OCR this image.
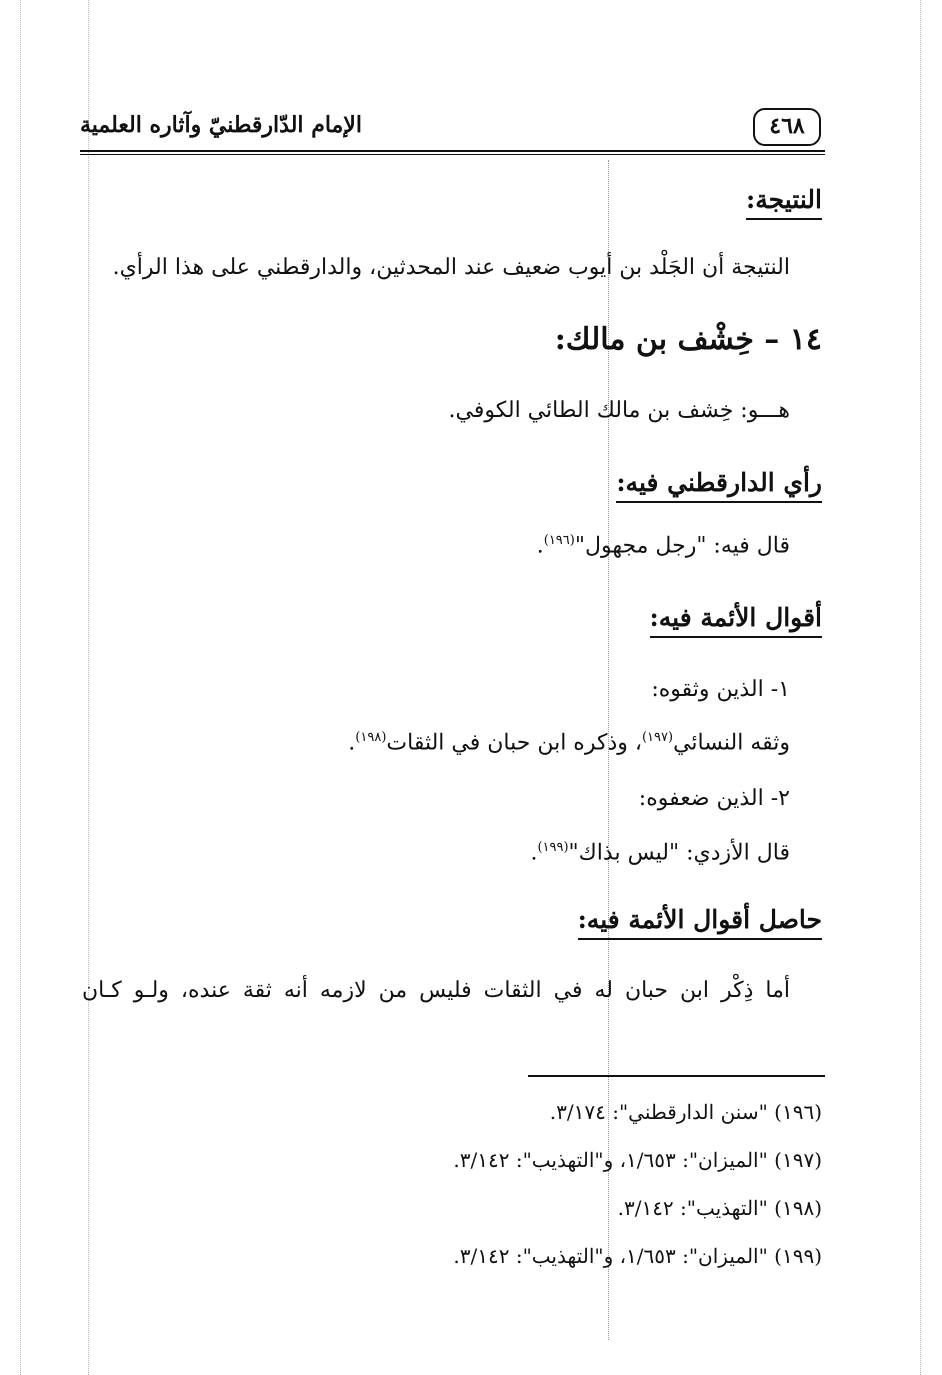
٤٦٨
الإمام الدّارقطنيّ وآثاره العلمية
النتيجة:
النتيجة أن الجَلْد بن أيوب ضعيف عند المحدثين، والدارقطني على هذا الرأي.
١٤ – خِشْف بن مالك:
هـــو: خِشف بن مالك الطائي الكوفي.
رأي الدارقطني فيه:
قال فيه: "رجل مجهول"$^{(١٩٦)}$.
أقوال الأئمة فيه:
١- الذين وثقوه:
وثقه النسائي$^{(١٩٧)}$، وذكره ابن حبان في الثقات$^{(١٩٨)}$.
٢- الذين ضعفوه:
قال الأزدي: "ليس بذاك"$^{(١٩٩)}$.
حاصل أقوال الأئمة فيه:
أما ذِكْر ابن حبان له في الثقات فليس من لازمه أنه ثقة عنده، ولـو كـان
(١٩٦) "سنن الدارقطني": ٣/١٧٤.
(١٩٧) "الميزان": ١/٦٥٣، و"التهذيب": ٣/١٤٢.
(١٩٨) "التهذيب": ٣/١٤٢.
(١٩٩) "الميزان": ١/٦٥٣، و"التهذيب": ٣/١٤٢.
